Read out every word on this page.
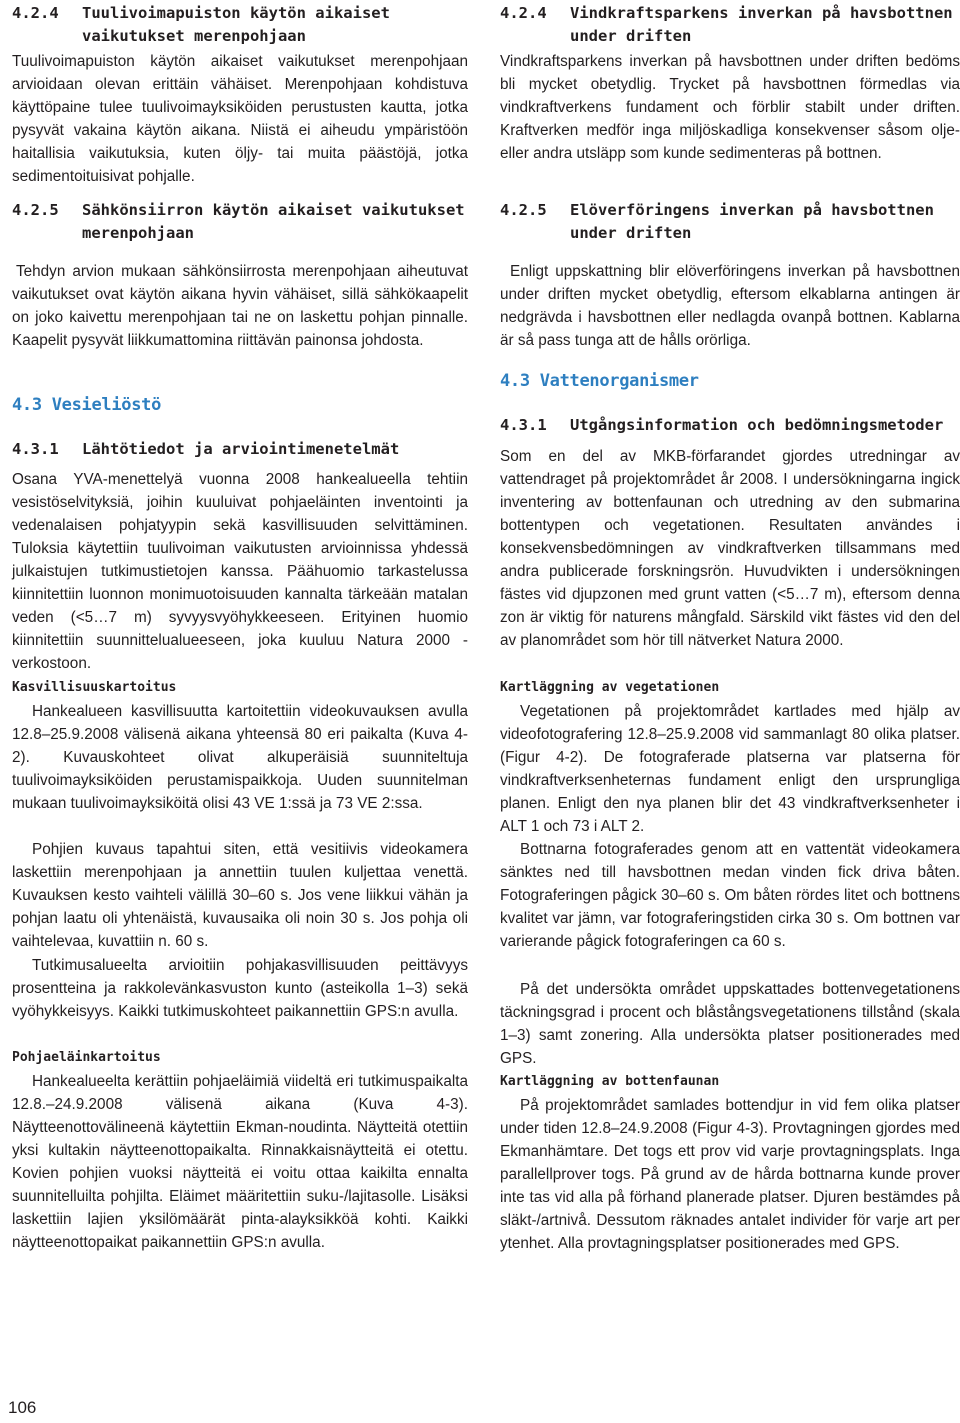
4.2.4	Tuulivoimapuiston käytön aikaiset vaikutukset merenpohjaan

Tuulivoimapuiston käytön aikaiset vaikutukset merenpohjaan arvioidaan olevan erittäin vähäiset. Merenpohjaan kohdistuva käyttöpaine tulee tuulivoimayksiköiden perustusten kautta, jotka pysyvät vakaina käytön aikana. Niistä ei aiheudu ympäristöön haitallisia vaikutuksia, kuten öljy- tai muita päästöjä, jotka sedimentoituisivat pohjalle.

4.2.5	Sähkönsiirron käytön aikaiset vaikutukset merenpohjaan

Tehdyn arvion mukaan sähkönsiirrosta merenpohjaan aiheutuvat vaikutukset ovat käytön aikana hyvin vähäiset, sillä sähkökaapelit on joko kaivettu merenpohjaan tai ne on laskettu pohjan pinnalle. Kaapelit pysyvät liikkumattomina riittävän painonsa johdosta.

4.3 Vesieliöstö
4.3.1	Lähtötiedot ja arviointimenetelmät

Osana YVA-menettelyä vuonna 2008 hankealueella tehtiin vesistöselvityksiä, joihin kuuluivat pohjaeläinten inventointi ja vedenalaisen pohjatyypin sekä kasvillisuuden selvittäminen. Tuloksia käytettiin tuulivoiman vaikutusten arvioinnissa yhdessä julkaistujen tutkimustietojen kanssa. Päähuomio tarkastelussa kiinnitettiin luonnon monimuotoisuuden kannalta tärkeään matalan veden (<5…7 m) syvyysvyöhykkeeseen. Erityinen huomio kiinnitettiin suunnittelualueeseen, joka kuuluu Natura 2000 -verkostoon.

Kasvillisuuskartoitus

Hankealueen kasvillisuutta kartoitettiin videokuvauksen avulla 12.8–25.9.2008 välisenä aikana yhteensä 80 eri paikalta (Kuva 4-2). Kuvauskohteet olivat alkuperäisiä suunniteltuja tuulivoimayksiköiden perustamispaikkoja. Uuden suunnitelman mukaan tuulivoimayksiköitä olisi 43 VE 1:ssä ja 73 VE 2:ssa.

Pohjien kuvaus tapahtui siten, että vesitiivis videokamera laskettiin merenpohjaan ja annettiin tuulen kuljettaa venettä. Kuvauksen kesto vaihteli välillä 30–60 s. Jos vene liikkui vähän ja pohjan laatu oli yhtenäistä, kuvausaika oli noin 30 s. Jos pohja oli vaihtelevaa, kuvattiin n. 60 s.

Tutkimusalueelta arvioitiin pohjakasvillisuuden peittävyys prosentteina ja rakkolevänkasvuston kunto (asteikolla 1–3) sekä vyöhykkeisyys. Kaikki tutkimuskohteet paikannettiin GPS:n avulla.

Pohjaeläinkartoitus

Hankealueelta kerättiin pohjaeläimiä viideltä eri tutkimuspaikalta 12.8.–24.9.2008 välisenä aikana (Kuva 4-3). Näytteenottovälineenä käytettiin Ekman-noudinta. Näytteitä otettiin yksi kultakin näytteenottopaikalta. Rinnakkaisnäytteitä ei otettu. Kovien pohjien vuoksi näytteitä ei voitu ottaa kaikilta ennalta suunnitelluilta pohjilta. Eläimet määritettiin suku-/lajitasolle. Lisäksi laskettiin lajien yksilömäärät pinta-alayksikköä kohti. Kaikki näytteenottopaikat paikannettiin GPS:n avulla.

4.2.4	Vindkraftsparkens inverkan på havsbottnen under driften

Vindkraftsparkens inverkan på havsbottnen under driften bedöms bli mycket obetydlig. Trycket på havsbottnen förmedlas via vindkraftverkens fundament och förblir stabilt under driften. Kraftverken medför inga miljöskadliga konsekvenser såsom olje- eller andra utsläpp som kunde sedimenteras på bottnen.

4.2.5	Elöverföringens inverkan på havsbottnen under driften

Enligt uppskattning blir elöverföringens inverkan på havsbottnen under driften mycket obetydlig, eftersom elkablarna antingen är nedgrävda i havsbottnen eller nedlagda ovanpå bottnen. Kablarna är så pass tunga att de hålls orörliga.

4.3 Vattenorganismer
4.3.1	Utgångsinformation och bedömningsmetoder

Som en del av MKB-förfarandet gjordes utredningar av vattendraget på projektområdet år 2008. I undersökningarna ingick inventering av bottenfaunan och utredning av den submarina bottentypen och vegetationen. Resultaten användes i konsekvensbedömningen av vindkraftverken tillsammans med andra publicerade forskningsrön. Huvudvikten i undersökningen fästes vid djupzonen med grunt vatten (<5…7 m), eftersom denna zon är viktig för naturens mångfald. Särskild vikt fästes vid den del av planområdet som hör till nätverket Natura 2000.

Kartläggning av vegetationen

Vegetationen på projektområdet kartlades med hjälp av videofotografering 12.8–25.9.2008 vid sammanlagt 80 olika platser.(Figur 4-2). De fotograferade platserna var platserna för vindkraftverksenheternas fundament enligt den ursprungliga planen. Enligt den nya planen blir det 43 vindkraftverksenheter i ALT 1 och 73 i ALT 2.

Bottnarna fotograferades genom att en vattentät videokamera sänktes ned till havsbottnen medan vinden fick driva båten. Fotograferingen pågick 30–60 s. Om båten rördes litet och bottnens kvalitet var jämn, var fotograferingstiden cirka 30 s. Om bottnen var varierande pågick fotograferingen ca 60 s.

På det undersökta området uppskattades bottenvegetationens täckningsgrad i procent och blåstångsvegetationens tillstånd (skala 1–3) samt zonering. Alla undersökta platser positionerades med GPS.

Kartläggning av bottenfaunan

På projektområdet samlades bottendjur in vid fem olika platser under tiden 12.8–24.9.2008 (Figur 4-3). Provtagningen gjordes med Ekmanhämtare. Det togs ett prov vid varje provtagningsplats. Inga parallellprover togs. På grund av de hårda bottnarna kunde prover inte tas vid alla på förhand planerade platser. Djuren bestämdes på släkt-/artnivå. Dessutom räknades antalet individer för varje art per ytenhet. Alla provtagningsplatser positionerades med GPS.

106
